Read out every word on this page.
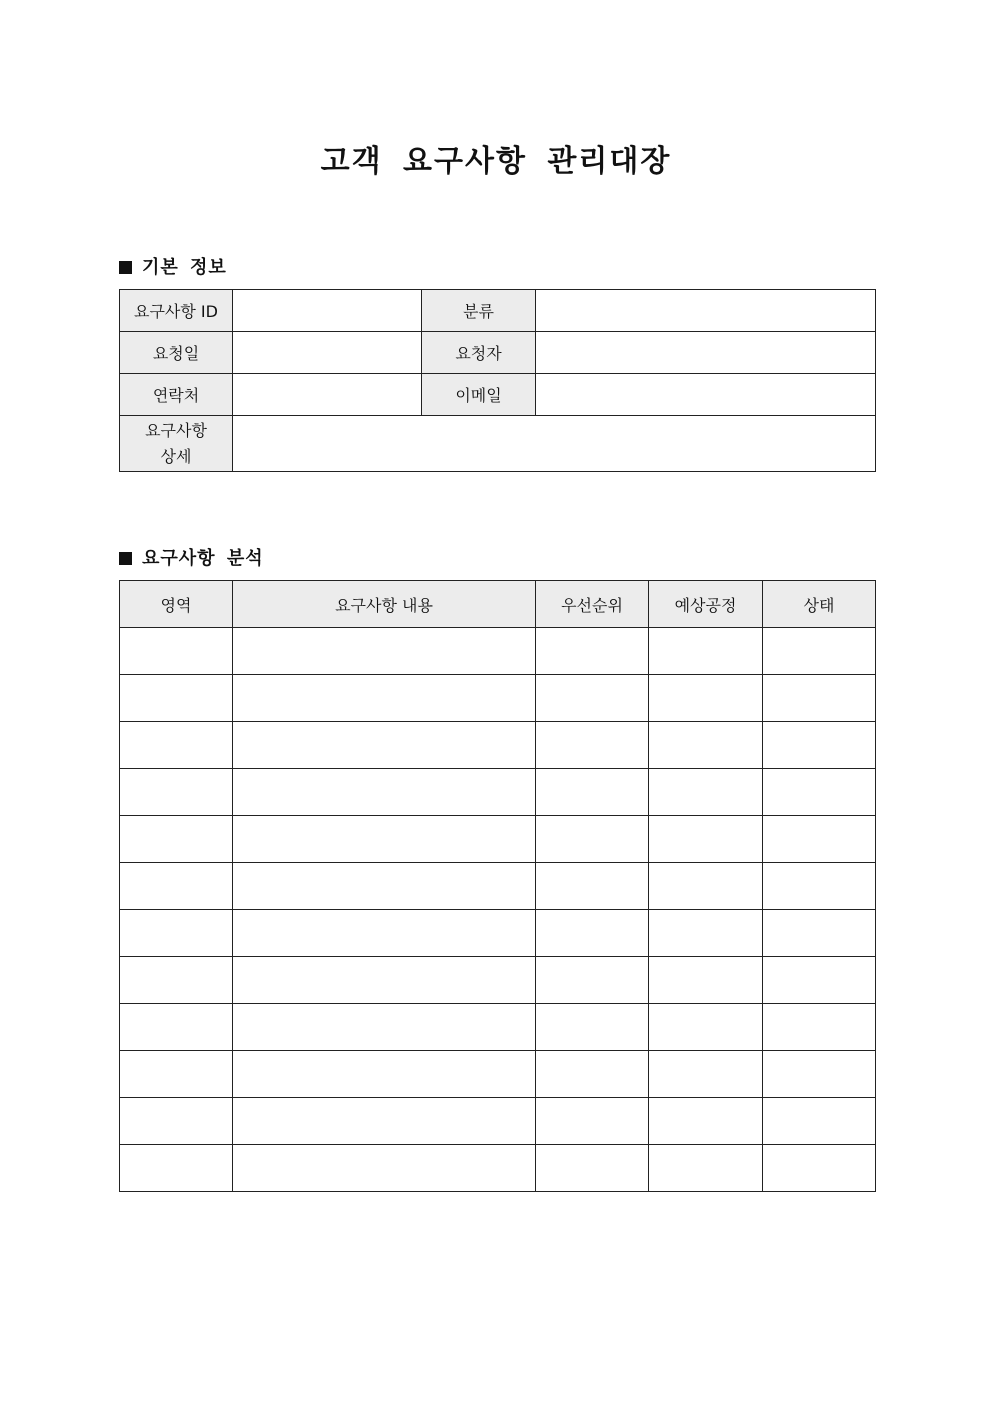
고객 요구사항 관리대장
기본 정보
요구사항 ID		분류	
요청일		요청자	
연락처		이메일	

요구사항
상세			

요구사항 분석
영역	요구사항 내용	우선순위	예상공정	상태
